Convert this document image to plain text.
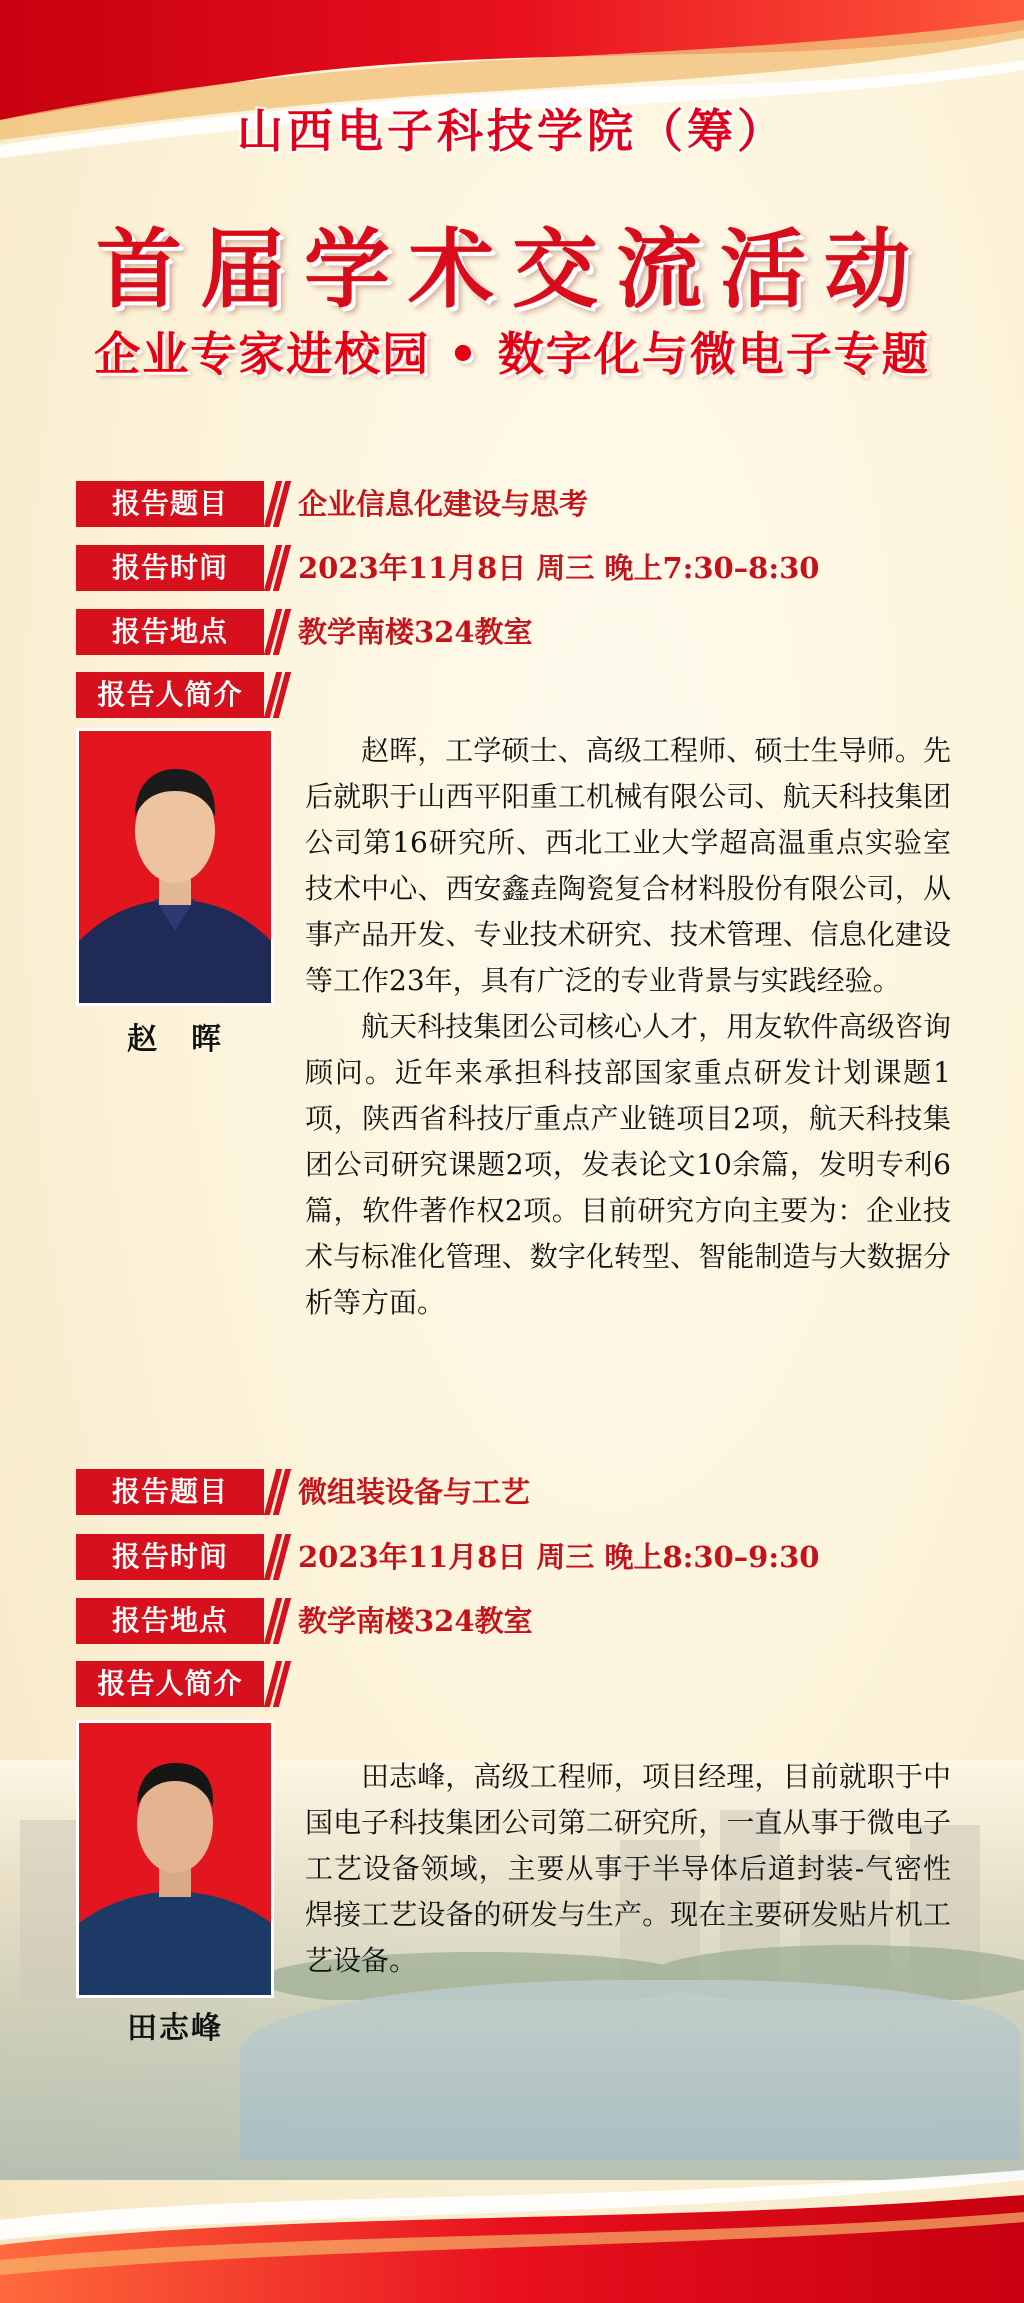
山西电子科技学院（筹）
首届学术交流活动
企业专家进校园 • 数字化与微电子专题
报告题目	企业信息化建设与思考
报告时间	2023年11月8日 周三 晚上7:30–8:30
报告地点	教学南楼324教室
报告人简介
赵　晖

赵晖，工学硕士、高级工程师、硕士生导师。先后就职于山西平阳重工机械有限公司、航天科技集团公司第16研究所、西北工业大学超高温重点实验室技术中心、西安鑫垚陶瓷复合材料股份有限公司，从事产品开发、专业技术研究、技术管理、信息化建设等工作23年，具有广泛的专业背景与实践经验。

航天科技集团公司核心人才，用友软件高级咨询顾问。近年来承担科技部国家重点研发计划课题1项，陕西省科技厅重点产业链项目2项，航天科技集团公司研究课题2项，发表论文10余篇，发明专利6篇，软件著作权2项。目前研究方向主要为：企业技术与标准化管理、数字化转型、智能制造与大数据分析等方面。

报告题目	微组装设备与工艺
报告时间	2023年11月8日 周三 晚上8:30–9:30
报告地点	教学南楼324教室
报告人简介
田志峰

田志峰，高级工程师，项目经理，目前就职于中国电子科技集团公司第二研究所，一直从事于微电子工艺设备领域，主要从事于半导体后道封装-气密性焊接工艺设备的研发与生产。现在主要研发贴片机工艺设备。
